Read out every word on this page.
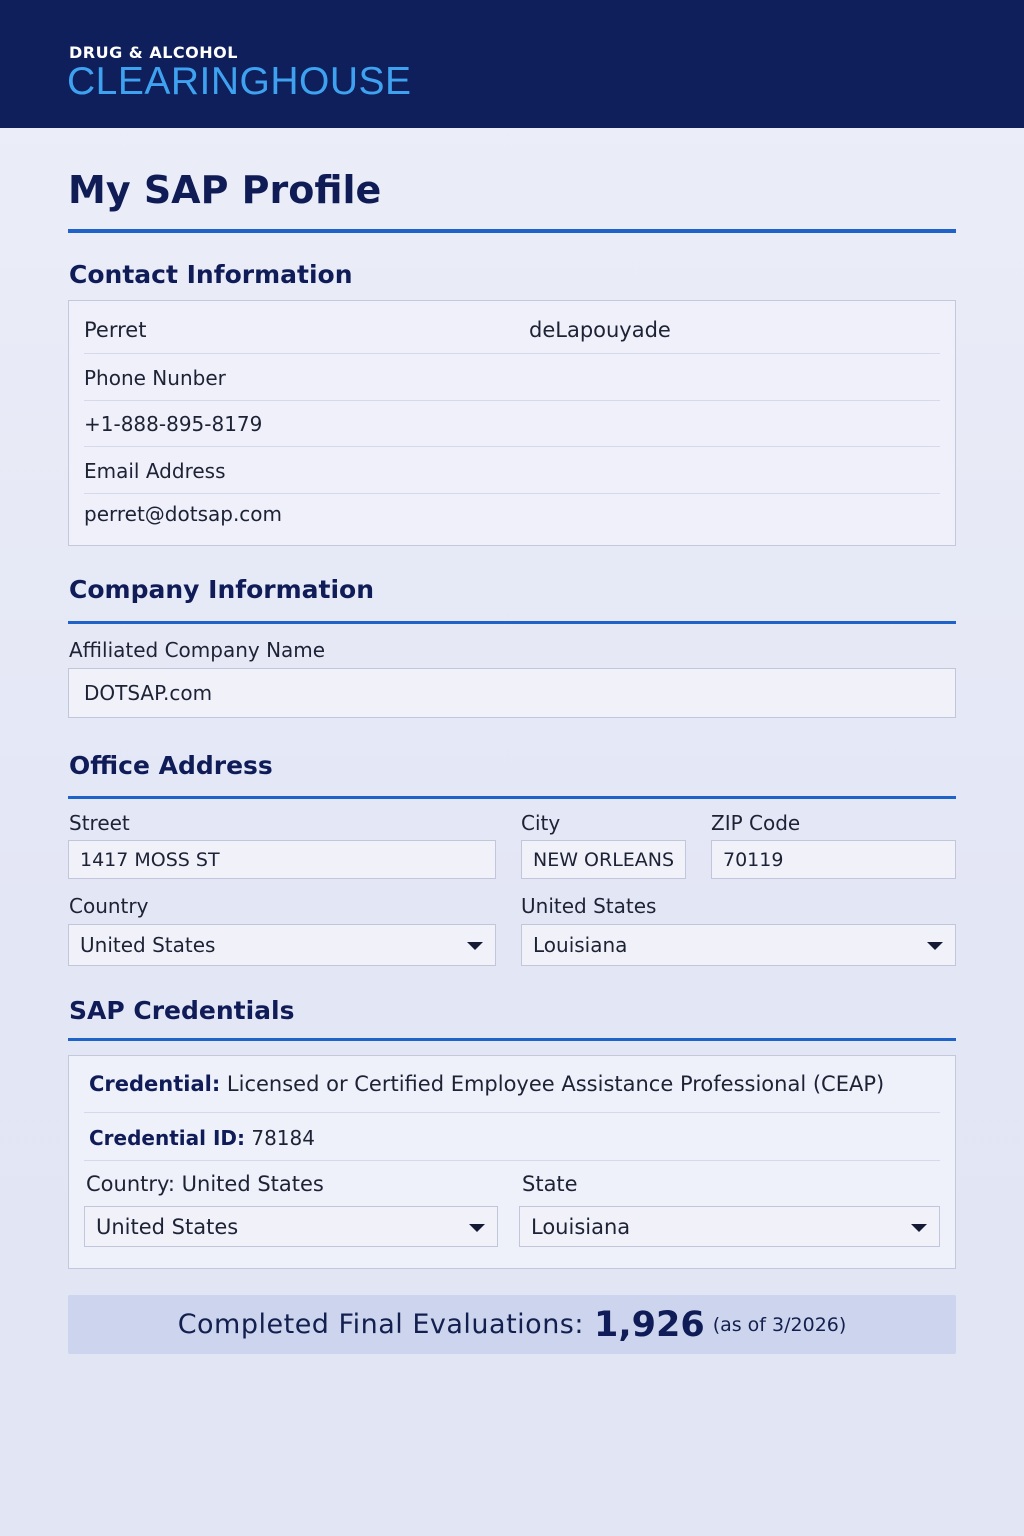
DRUG & ALCOHOL
CLEARINGHOUSE
My SAP Profile
Contact Information
Perret	deLapouyade
Phone Nunber
+1-888-895-8179
Email Address
perret@dotsap.com
Company Information
Affiliated Company Name
DOTSAP.com
Office Address
Street
1417 MOSS ST
City
NEW ORLEANS
ZIP Code
70119
Country
United States
United States
Louisiana
SAP Credentials
Credential: Licensed or Certified Employee Assistance Professional (CEAP)
Credential ID: 78184
Country: United States	State
United States	Louisiana
Completed Final Evaluations: 1,926 (as of 3/2026)
